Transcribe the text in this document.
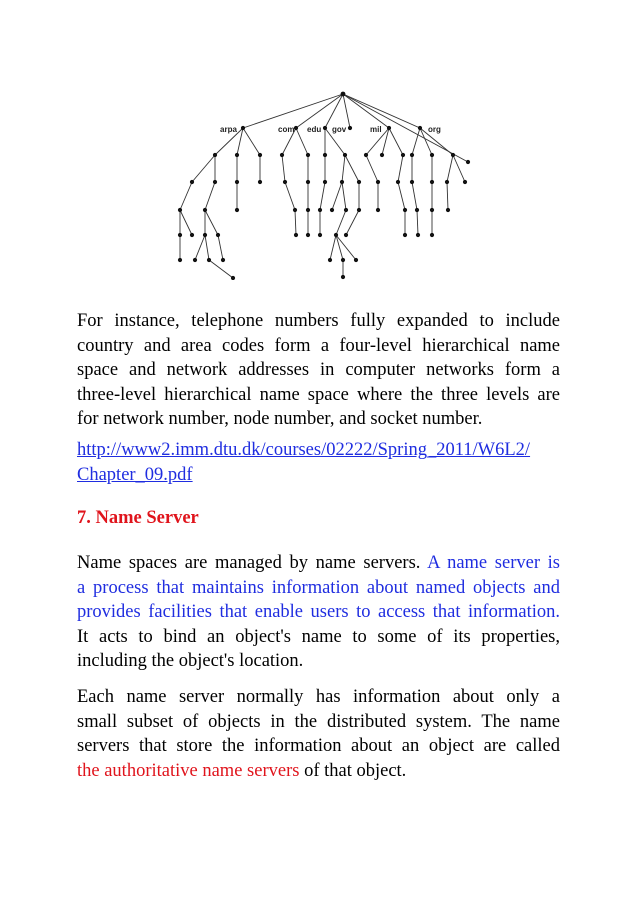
arpa	com edu gov	mil	org

For instance, telephone numbers fully expanded to include
country and area codes form a four-level hierarchical name
space and network addresses in computer networks form a
three-level hierarchical name space where the three levels are
for network number, node number, and socket number.

http://www2.imm.dtu.dk/courses/02222/Spring_2011/W6L2/
Chapter_09.pdf

7. Name Server

Name spaces are managed by name servers. A name server is
a process that maintains information about named objects and
provides facilities that enable users to access that information.
It acts to bind an object's name to some of its properties,
including the object's location.

Each name server normally has information about only a
small subset of objects in the distributed system. The name
servers that store the information about an object are called
the authoritative name servers of that object.
